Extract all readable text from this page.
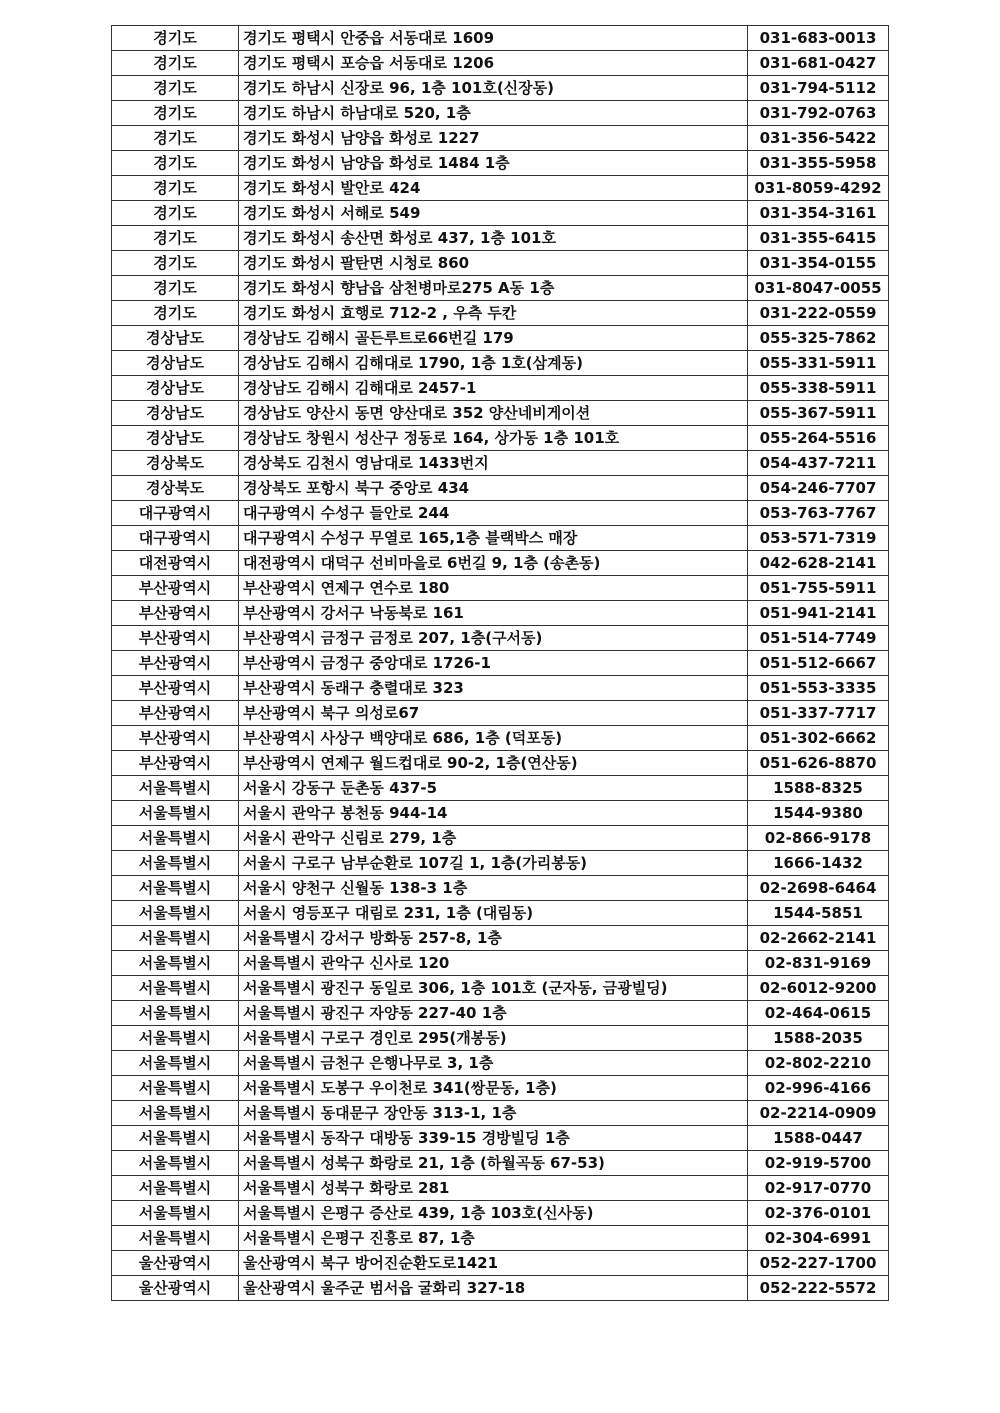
경기도	경기도 평택시 안중읍 서동대로 1609	031-683-0013
경기도	경기도 평택시 포승읍 서동대로 1206	031-681-0427
경기도	경기도 하남시 신장로 96, 1층 101호(신장동)	031-794-5112
경기도	경기도 하남시 하남대로 520, 1층	031-792-0763
경기도	경기도 화성시 남양읍 화성로 1227	031-356-5422
경기도	경기도 화성시 남양읍 화성로 1484 1층	031-355-5958
경기도	경기도 화성시 발안로 424	031-8059-4292
경기도	경기도 화성시 서해로 549	031-354-3161
경기도	경기도 화성시 송산면 화성로 437, 1층 101호	031-355-6415
경기도	경기도 화성시 팔탄면 시청로 860	031-354-0155
경기도	경기도 화성시 향남읍 삼천병마로275 A동 1층	031-8047-0055
경기도	경기도 화성시 효행로 712-2 , 우측 두칸	031-222-0559
경상남도	경상남도 김해시 골든루트로66번길 179	055-325-7862
경상남도	경상남도 김해시 김해대로 1790, 1층 1호(삼계동)	055-331-5911
경상남도	경상남도 김해시 김해대로 2457-1	055-338-5911
경상남도	경상남도 양산시 동면 양산대로 352 양산네비게이션	055-367-5911
경상남도	경상남도 창원시 성산구 정동로 164, 상가동 1층 101호	055-264-5516
경상북도	경상북도 김천시 영남대로 1433번지	054-437-7211
경상북도	경상북도 포항시 북구 중앙로 434	054-246-7707
대구광역시	대구광역시 수성구 들안로 244	053-763-7767
대구광역시	대구광역시 수성구 무열로 165,1층 블랙박스 매장	053-571-7319
대전광역시	대전광역시 대덕구 선비마을로 6번길 9, 1층 (송촌동)	042-628-2141
부산광역시	부산광역시 연제구 연수로 180	051-755-5911
부산광역시	부산광역시 강서구 낙동북로 161	051-941-2141
부산광역시	부산광역시 금정구 금정로 207, 1층(구서동)	051-514-7749
부산광역시	부산광역시 금정구 중앙대로 1726-1	051-512-6667
부산광역시	부산광역시 동래구 충렬대로 323	051-553-3335
부산광역시	부산광역시 북구 의성로67	051-337-7717
부산광역시	부산광역시 사상구 백양대로 686, 1층 (덕포동)	051-302-6662
부산광역시	부산광역시 연제구 월드컵대로 90-2, 1층(연산동)	051-626-8870
서울특별시	서울시 강동구 둔촌동 437-5	1588-8325
서울특별시	서울시 관악구 봉천동 944-14	1544-9380
서울특별시	서울시 관악구 신림로 279, 1층	02-866-9178
서울특별시	서울시 구로구 남부순환로 107길 1, 1층(가리봉동)	1666-1432
서울특별시	서울시 양천구 신월동 138-3 1층	02-2698-6464
서울특별시	서울시 영등포구 대림로 231, 1층 (대림동)	1544-5851
서울특별시	서울특별시 강서구 방화동 257-8, 1층	02-2662-2141
서울특별시	서울특별시 관악구 신사로 120	02-831-9169
서울특별시	서울특별시 광진구 동일로 306, 1층 101호 (군자동, 금광빌딩)	02-6012-9200
서울특별시	서울특별시 광진구 자양동 227-40 1층	02-464-0615
서울특별시	서울특별시 구로구 경인로 295(개봉동)	1588-2035
서울특별시	서울특별시 금천구 은행나무로 3, 1층	02-802-2210
서울특별시	서울특별시 도봉구 우이천로 341(쌍문동, 1층)	02-996-4166
서울특별시	서울특별시 동대문구 장안동 313-1, 1층	02-2214-0909
서울특별시	서울특별시 동작구 대방동 339-15 경방빌딩 1층	1588-0447
서울특별시	서울특별시 성북구 화랑로 21, 1층 (하월곡동 67-53)	02-919-5700
서울특별시	서울특별시 성북구 화랑로 281	02-917-0770
서울특별시	서울특별시 은평구 증산로 439, 1층 103호(신사동)	02-376-0101
서울특별시	서울특별시 은평구 진흥로 87, 1층	02-304-6991
울산광역시	울산광역시 북구 방어진순환도로1421	052-227-1700
울산광역시	울산광역시 울주군 범서읍 굴화리 327-18	052-222-5572
